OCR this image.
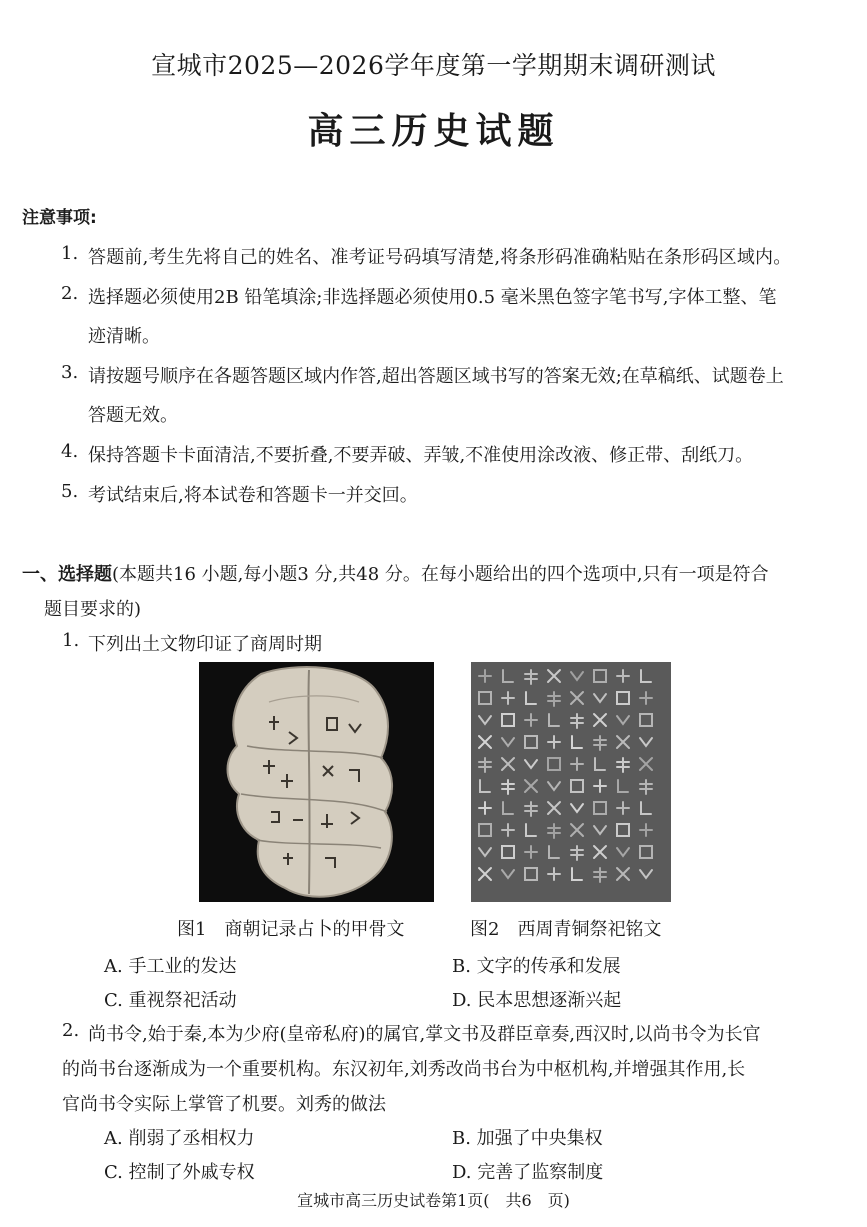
宣城市2025—2026学年度第一学期期末调研测试
高三历史试题
注意事项:
1. 答题前,考生先将自己的姓名、准考证号码填写清楚,将条形码准确粘贴在条形码区域内。
2. 选择题必须使用2B 铅笔填涂;非选择题必须使用0.5 毫米黑色签字笔书写,字体工整、笔
迹清晰。
3. 请按题号顺序在各题答题区域内作答,超出答题区域书写的答案无效;在草稿纸、试题卷上
答题无效。
4. 保持答题卡卡面清洁,不要折叠,不要弄破、弄皱,不准使用涂改液、修正带、刮纸刀。
5. 考试结束后,将本试卷和答题卡一并交回。
一、选择题(本题共16 小题,每小题3 分,共48 分。在每小题给出的四个选项中,只有一项是符合
题目要求的)
1. 下列出土文物印证了商周时期
图1　商朝记录占卜的甲骨文	图2　西周青铜祭祀铭文
A. 手工业的发达	B. 文字的传承和发展
C. 重视祭祀活动	D. 民本思想逐渐兴起
2. 尚书令,始于秦,本为少府(皇帝私府)的属官,掌文书及群臣章奏,西汉时,以尚书令为长官
的尚书台逐渐成为一个重要机构。东汉初年,刘秀改尚书台为中枢机构,并增强其作用,长
官尚书令实际上掌管了机要。刘秀的做法
A. 削弱了丞相权力	B. 加强了中央集权
C. 控制了外戚专权	D. 完善了监察制度
宣城市高三历史试卷第1页(　共6　页)
